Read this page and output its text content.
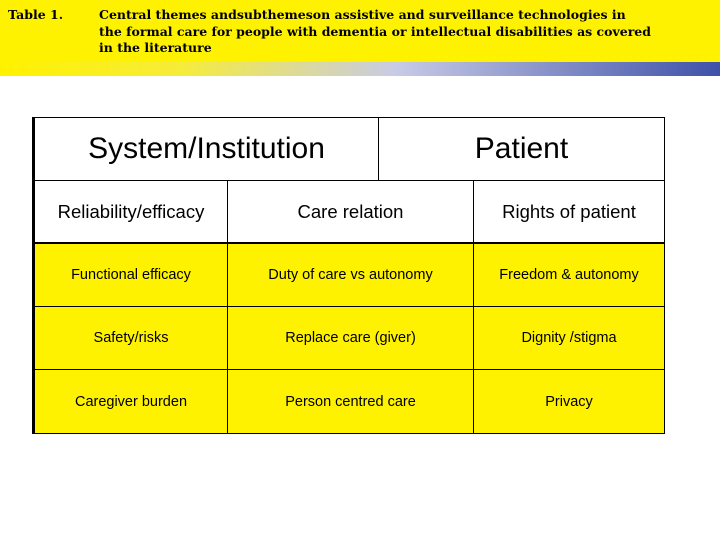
Table 1.	Central themes andsubthemeson assistive and surveillance technologies in
the formal care for people with dementia or intellectual disabilities as covered
in the literature
System/Institution	Patient
Reliability/efficacy	Care relation	Rights of patient
Functional efficacy	Duty of care vs autonomy	Freedom & autonomy
Safety/risks	Replace care (giver)	Dignity /stigma
Caregiver burden	Person centred care	Privacy
